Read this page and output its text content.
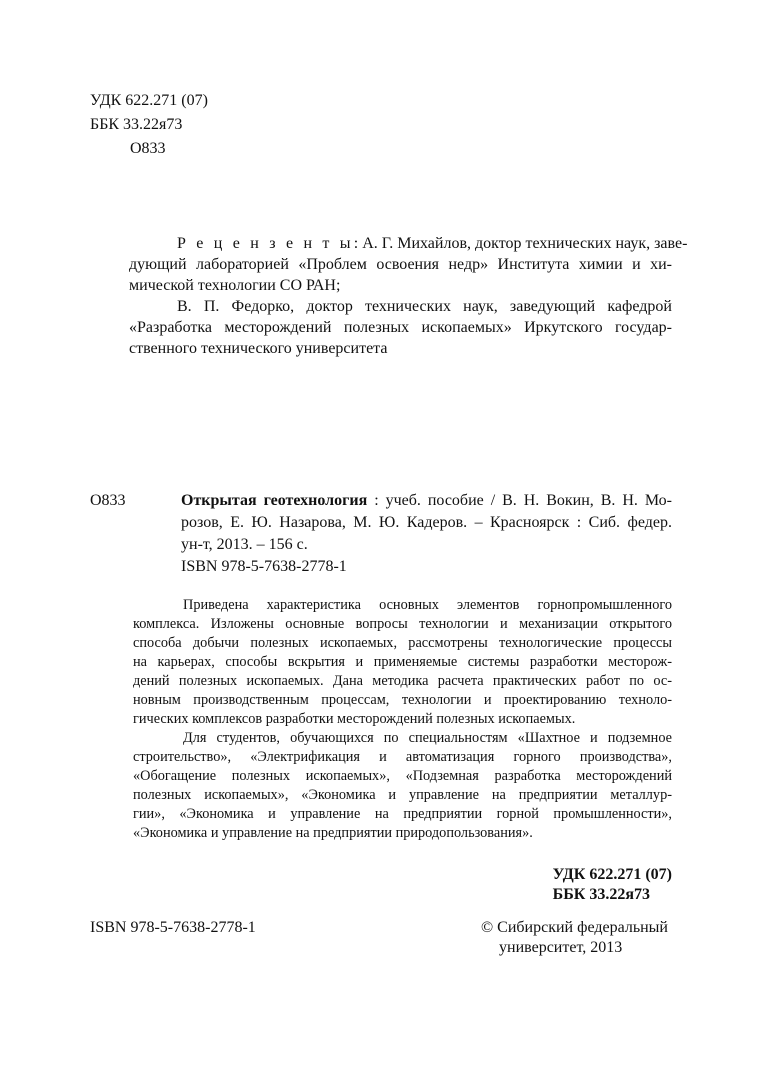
УДК 622.271 (07)
ББК 33.22я73
О833
Р е ц е н з е н т ы: А. Г. Михайлов, доктор технических наук, заве-
дующий лабораторией «Проблем освоения недр» Института химии и хи-
мической технологии СО РАН;
В. П. Федорко, доктор технических наук, заведующий кафедрой
«Разработка месторождений полезных ископаемых» Иркутского государ-
ственного технического университета
О833	Открытая геотехнология : учеб. пособие / В. Н. Вокин, В. Н. Мо-
розов, Е. Ю. Назарова, М. Ю. Кадеров. – Красноярск : Сиб. федер.
ун-т, 2013. – 156 с.
ISBN 978-5-7638-2778-1
Приведена характеристика основных элементов горнопромышленного
комплекса. Изложены основные вопросы технологии и механизации открытого
способа добычи полезных ископаемых, рассмотрены технологические процессы
на карьерах, способы вскрытия и применяемые системы разработки месторож-
дений полезных ископаемых. Дана методика расчета практических работ по ос-
новным производственным процессам, технологии и проектированию техноло-
гических комплексов разработки месторождений полезных ископаемых.
Для студентов, обучающихся по специальностям «Шахтное и подземное
строительство», «Электрификация и автоматизация горного производства»,
«Обогащение полезных ископаемых», «Подземная разработка месторождений
полезных ископаемых», «Экономика и управление на предприятии металлур-
гии», «Экономика и управление на предприятии горной промышленности»,
«Экономика и управление на предприятии природопользования».
УДК 622.271 (07)
ББК 33.22я73
ISBN 978-5-7638-2778-1	© Сибирский федеральный
университет, 2013
